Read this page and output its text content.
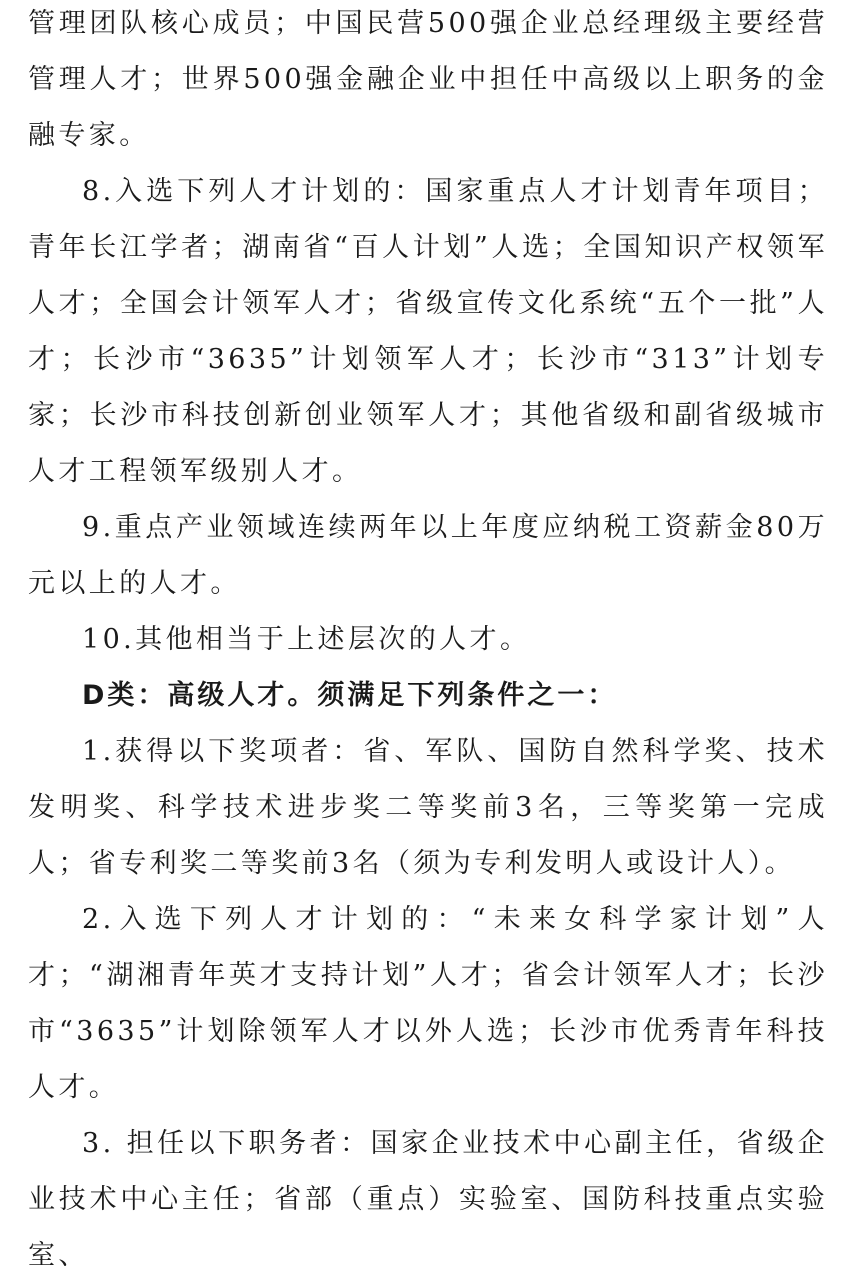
管理团队核心成员；中国民营500强企业总经理级主要经营管理人才；世界500强金融企业中担任中高级以上职务的金融专家。

8.入选下列人才计划的：国家重点人才计划青年项目；青年长江学者；湖南省“百人计划”人选；全国知识产权领军人才；全国会计领军人才；省级宣传文化系统“五个一批”人才；长沙市“3635”计划领军人才；长沙市“313”计划专家；长沙市科技创新创业领军人才；其他省级和副省级城市人才工程领军级别人才。

9.重点产业领域连续两年以上年度应纳税工资薪金80万元以上的人才。

10.其他相当于上述层次的人才。

D类：高级人才。须满足下列条件之一：

1.获得以下奖项者：省、军队、国防自然科学奖、技术发明奖、科学技术进步奖二等奖前3名，三等奖第一完成人；省专利奖二等奖前3名（须为专利发明人或设计人）。

2.入选下列人才计划的：“未来女科学家计划”人才；“湖湘青年英才支持计划”人才；省会计领军人才；长沙市“3635”计划除领军人才以外人选；长沙市优秀青年科技人才。

3. 担任以下职务者：国家企业技术中心副主任，省级企业技术中心主任；省部（重点）实验室、国防科技重点实验室、
